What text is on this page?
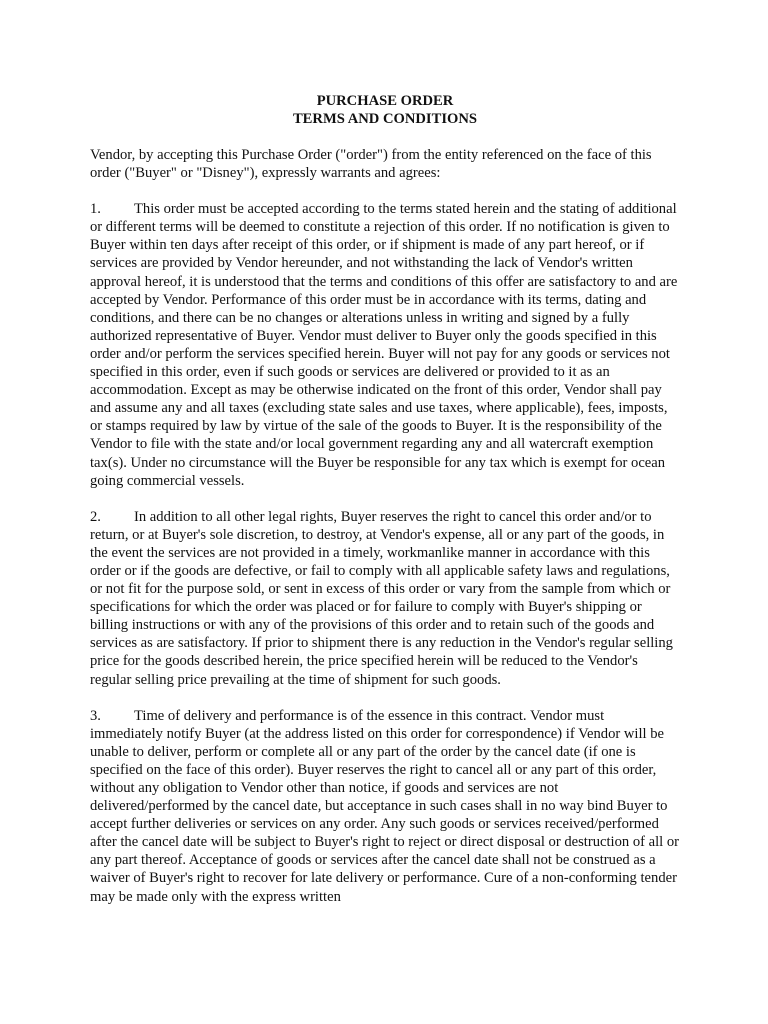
PURCHASE ORDER

TERMS AND CONDITIONS

Vendor, by accepting this Purchase Order ("order") from the entity referenced on the face of this order ("Buyer" or "Disney"), expressly warrants and agrees:

1. This order must be accepted according to the terms stated herein and the stating of additional or different terms will be deemed to constitute a rejection of this order. If no notification is given to Buyer within ten days after receipt of this order, or if shipment is made of any part hereof, or if services are provided by Vendor hereunder, and not withstanding the lack of Vendor's written approval hereof, it is understood that the terms and conditions of this offer are satisfactory to and are accepted by Vendor. Performance of this order must be in accordance with its terms, dating and conditions, and there can be no changes or alterations unless in writing and signed by a fully authorized representative of Buyer. Vendor must deliver to Buyer only the goods specified in this order and/or perform the services specified herein. Buyer will not pay for any goods or services not specified in this order, even if such goods or services are delivered or provided to it as an accommodation. Except as may be otherwise indicated on the front of this order, Vendor shall pay and assume any and all taxes (excluding state sales and use taxes, where applicable), fees, imposts, or stamps required by law by virtue of the sale of the goods to Buyer. It is the responsibility of the Vendor to file with the state and/or local government regarding any and all watercraft exemption tax(s). Under no circumstance will the Buyer be responsible for any tax which is exempt for ocean going commercial vessels.

2. In addition to all other legal rights, Buyer reserves the right to cancel this order and/or to return, or at Buyer's sole discretion, to destroy, at Vendor's expense, all or any part of the goods, in the event the services are not provided in a timely, workmanlike manner in accordance with this order or if the goods are defective, or fail to comply with all applicable safety laws and regulations, or not fit for the purpose sold, or sent in excess of this order or vary from the sample from which or specifications for which the order was placed or for failure to comply with Buyer's shipping or billing instructions or with any of the provisions of this order and to retain such of the goods and services as are satisfactory. If prior to shipment there is any reduction in the Vendor's regular selling price for the goods described herein, the price specified herein will be reduced to the Vendor's regular selling price prevailing at the time of shipment for such goods.

3. Time of delivery and performance is of the essence in this contract. Vendor must immediately notify Buyer (at the address listed on this order for correspondence) if Vendor will be unable to deliver, perform or complete all or any part of the order by the cancel date (if one is specified on the face of this order). Buyer reserves the right to cancel all or any part of this order, without any obligation to Vendor other than notice, if goods and services are not delivered/performed by the cancel date, but acceptance in such cases shall in no way bind Buyer to accept further deliveries or services on any order. Any such goods or services received/performed after the cancel date will be subject to Buyer's right to reject or direct disposal or destruction of all or any part thereof. Acceptance of goods or services after the cancel date shall not be construed as a waiver of Buyer's right to recover for late delivery or performance. Cure of a non-conforming tender may be made only with the express written
